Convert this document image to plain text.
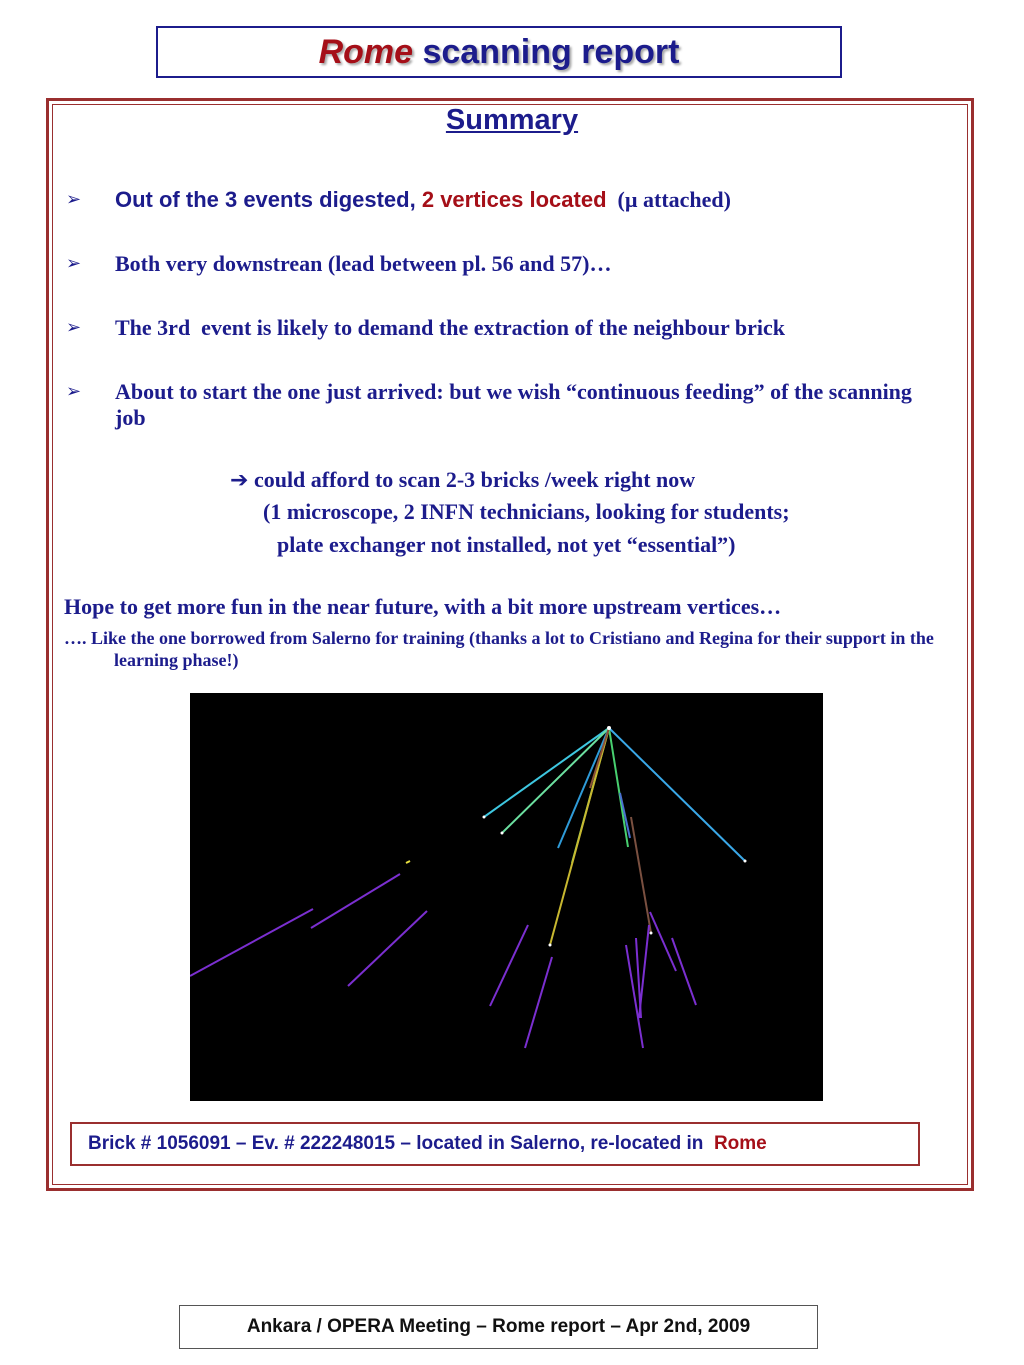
Rome scanning report
Summary
➢ Out of the 3 events digested, 2 vertices located  (µ attached)
➢ Both very downstrean (lead between pl. 56 and 57)…
➢ The 3rd  event is likely to demand the extraction of the neighbour brick
➢ About to start the one just arrived: but we wish “continuous feeding” of the scanning job
➔ could afford to scan 2-3 bricks /week right now
(1 microscope, 2 INFN technicians, looking for students;
plate exchanger not installed, not yet “essential”)
Hope to get more fun in the near future, with a bit more upstream vertices…
…. Like the one borrowed from Salerno for training (thanks a lot to Cristiano and Regina for their support in the learning phase!)
Brick # 1056091 – Ev. # 222248015 – located in Salerno, re-located in Rome
Ankara / OPERA Meeting – Rome report – Apr 2nd, 2009
